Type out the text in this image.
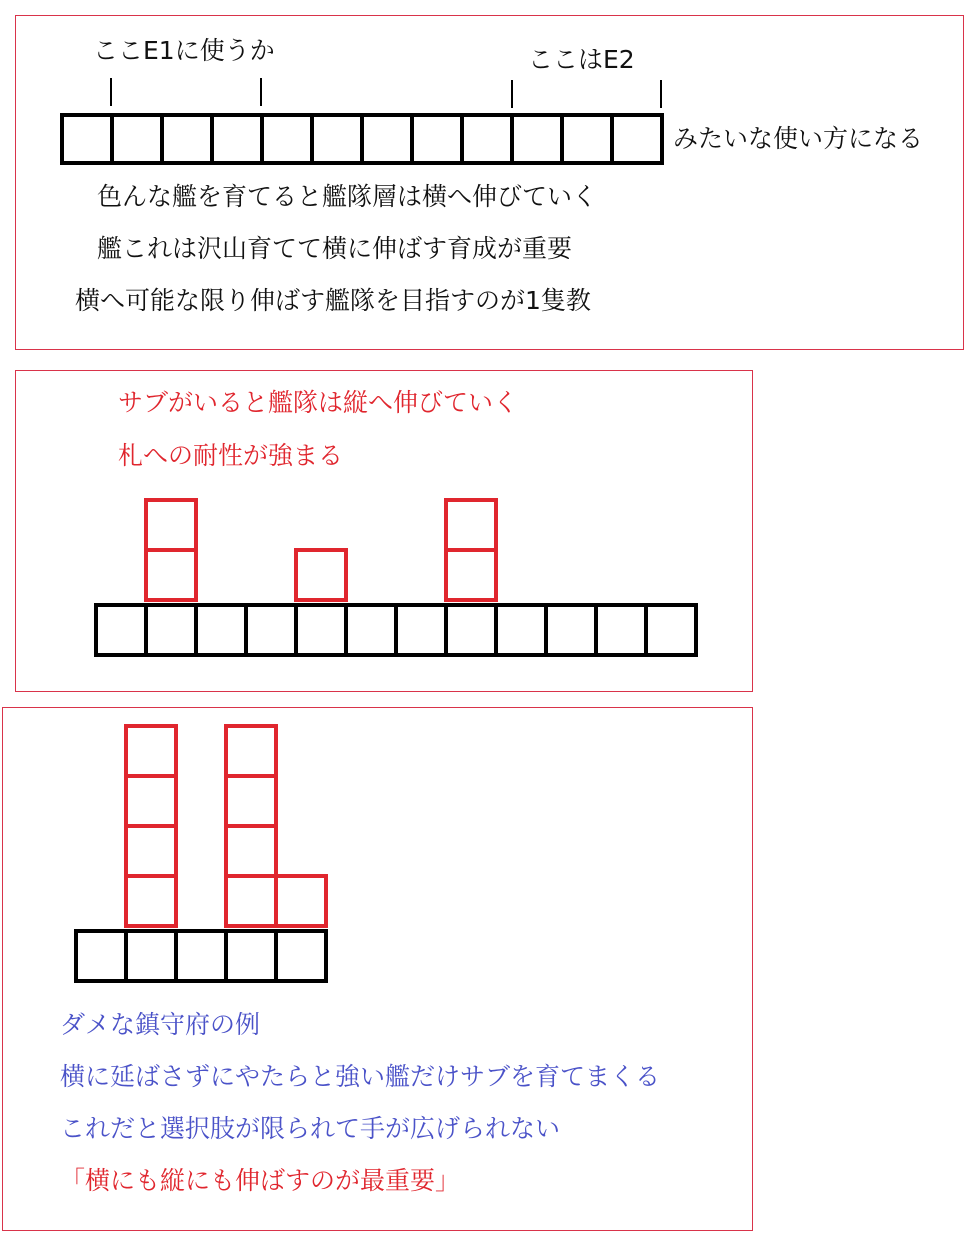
ここE1に使うか	ここはE2
みたいな使い方になる
色んな艦を育てると艦隊層は横へ伸びていく
艦これは沢山育てて横に伸ばす育成が重要
横へ可能な限り伸ばす艦隊を目指すのが1隻教
サブがいると艦隊は縦へ伸びていく
札への耐性が強まる
ダメな鎮守府の例
横に延ばさずにやたらと強い艦だけサブを育てまくる
これだと選択肢が限られて手が広げられない
「横にも縦にも伸ばすのが最重要」
